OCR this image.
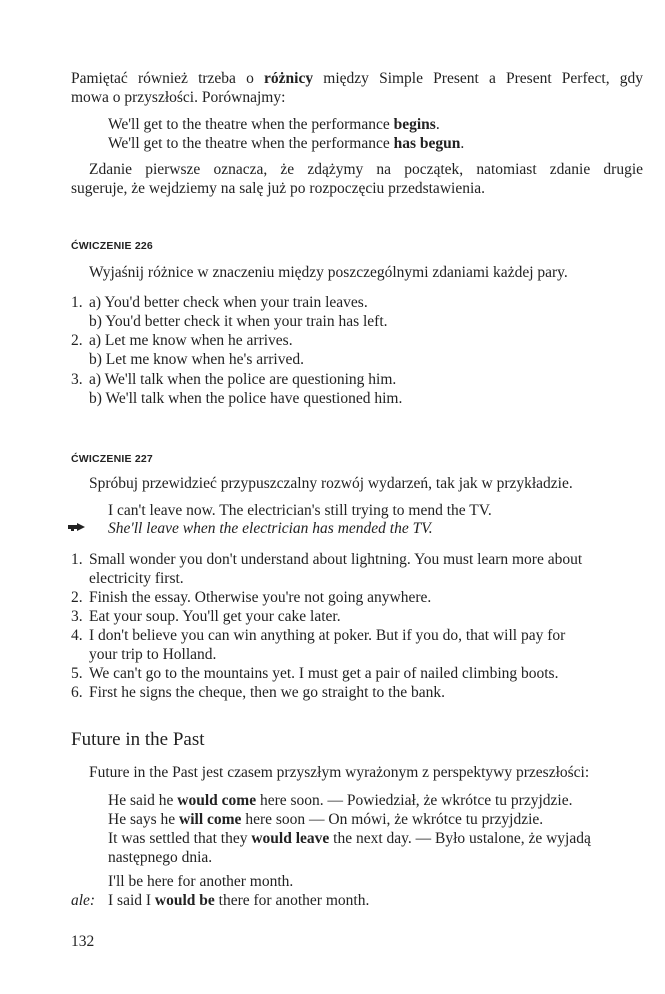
Pamiętać również trzeba o różnicy między Simple Present a Present Perfect, gdy
mowa o przyszłości. Porównajmy:
We'll get to the theatre when the performance begins.
We'll get to the theatre when the performance has begun.
Zdanie pierwsze oznacza, że zdążymy na początek, natomiast zdanie drugie
sugeruje, że wejdziemy na salę już po rozpoczęciu przedstawienia.
ĆWICZENIE 226
Wyjaśnij różnice w znaczeniu między poszczególnymi zdaniami każdej pary.
1. a) You'd better check when your train leaves.
b) You'd better check it when your train has left.
2. a) Let me know when he arrives.
b) Let me know when he's arrived.
3. a) We'll talk when the police are questioning him.
b) We'll talk when the police have questioned him.
ĆWICZENIE 227
Spróbuj przewidzieć przypuszczalny rozwój wydarzeń, tak jak w przykładzie.
I can't leave now. The electrician's still trying to mend the TV.
She'll leave when the electrician has mended the TV.
1. Small wonder you don't understand about lightning. You must learn more about
electricity first.
2. Finish the essay. Otherwise you're not going anywhere.
3. Eat your soup. You'll get your cake later.
4. I don't believe you can win anything at poker. But if you do, that will pay for
your trip to Holland.
5. We can't go to the mountains yet. I must get a pair of nailed climbing boots.
6. First he signs the cheque, then we go straight to the bank.
Future in the Past
Future in the Past jest czasem przyszłym wyrażonym z perspektywy przeszłości:
He said he would come here soon. — Powiedział, że wkrótce tu przyjdzie.
He says he will come here soon — On mówi, że wkrótce tu przyjdzie.
It was settled that they would leave the next day. — Było ustalone, że wyjadą
następnego dnia.
I'll be here for another month.
ale: I said I would be there for another month.
132
